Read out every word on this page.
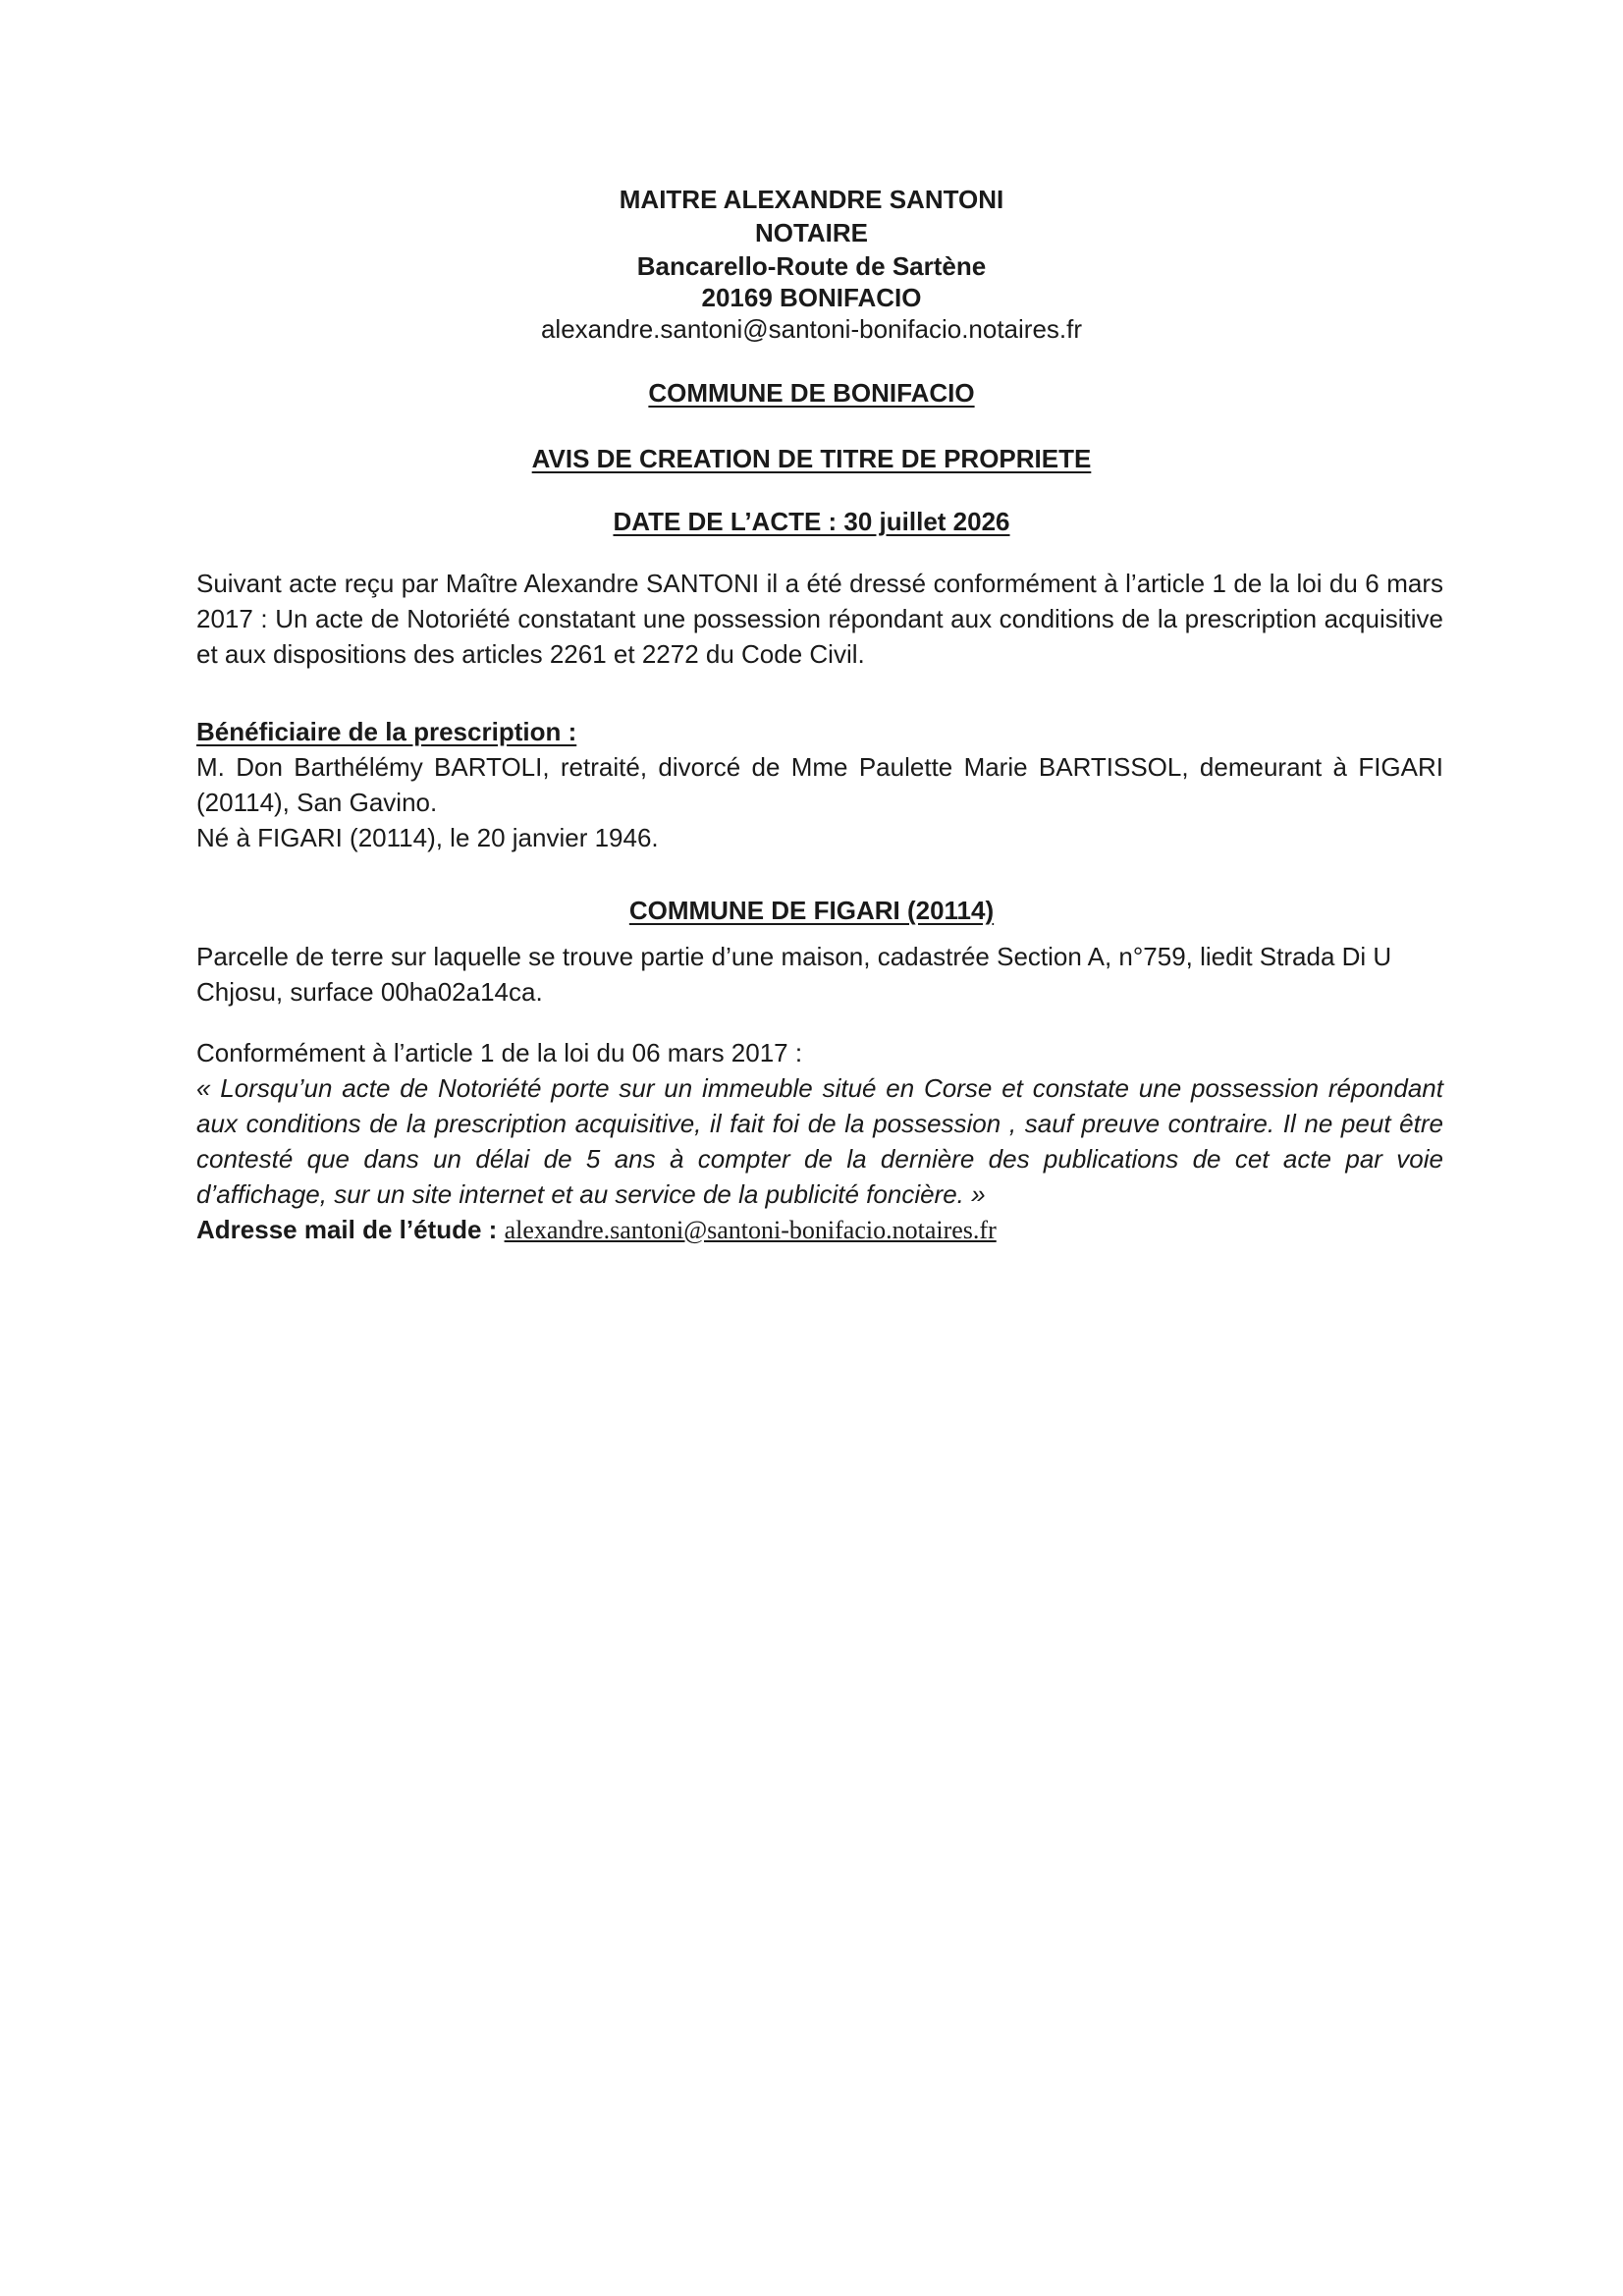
MAITRE ALEXANDRE SANTONI
NOTAIRE
Bancarello-Route de Sartène
20169 BONIFACIO
alexandre.santoni@santoni-bonifacio.notaires.fr
COMMUNE DE BONIFACIO
AVIS DE CREATION DE TITRE DE PROPRIETE
DATE DE L’ACTE : 30 juillet 2026

Suivant acte reçu par Maître Alexandre SANTONI il a été dressé conformément à l’article 1 de la loi du 6 mars 2017 : Un acte de Notoriété constatant une possession répondant aux conditions de la prescription acquisitive et aux dispositions des articles 2261 et 2272 du Code Civil.

Bénéficiaire de la prescription :
M. Don Barthélémy BARTOLI, retraité, divorcé de Mme Paulette Marie BARTISSOL, demeurant à FIGARI (20114), San Gavino.
Né à FIGARI (20114), le 20 janvier 1946.
COMMUNE DE FIGARI (20114)

Parcelle de terre sur laquelle se trouve partie d’une maison, cadastrée Section A, n°759, liedit Strada Di U Chjosu, surface 00ha02a14ca.

Conformément à l’article 1 de la loi du 06 mars 2017 :
« Lorsqu’un acte de Notoriété porte sur un immeuble situé en Corse et constate une possession répondant aux conditions de la prescription acquisitive, il fait foi de la possession , sauf preuve contraire. Il ne peut être contesté que dans un délai de 5 ans à compter de la dernière des publications de cet acte par voie d’affichage, sur un site internet et au service de la publicité foncière. »
Adresse mail de l’étude : alexandre.santoni@santoni-bonifacio.notaires.fr
